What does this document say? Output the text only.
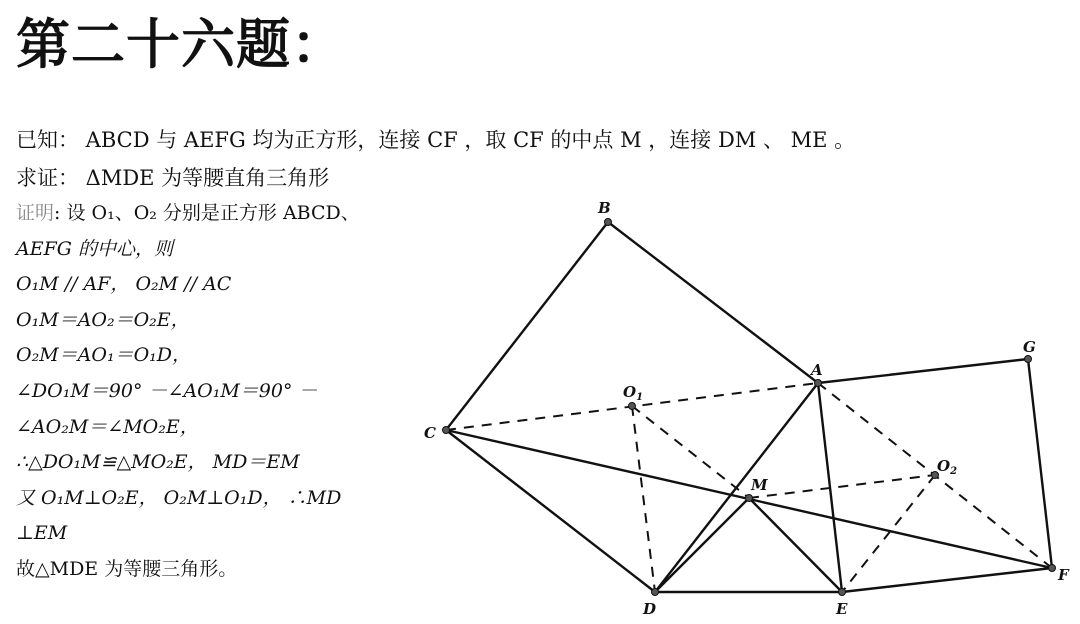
第二十六题：
已知： ABCD 与 AEFG 均为正方形，连接 CF ，取 CF 的中点 M ，连接 DM 、 ME 。
求证： ΔMDE 为等腰直角三角形
证明: 设 O₁、O₂ 分别是正方形 ABCD、
AEFG 的中心，则
O₁M // AF， O₂M // AC
O₁M＝AO₂＝O₂E，
O₂M＝AO₁＝O₁D，
∠DO₁M＝90° －∠AO₁M＝90° －
∠AO₂M＝∠MO₂E，
∴△DO₁M≌△MO₂E， MD＝EM
又 O₁M⊥O₂E， O₂M⊥O₁D， ∴MD
⊥EM
故△MDE 为等腰三角形。
B
A
G
C
$O_1$
$O_2$
M
D	E
F
